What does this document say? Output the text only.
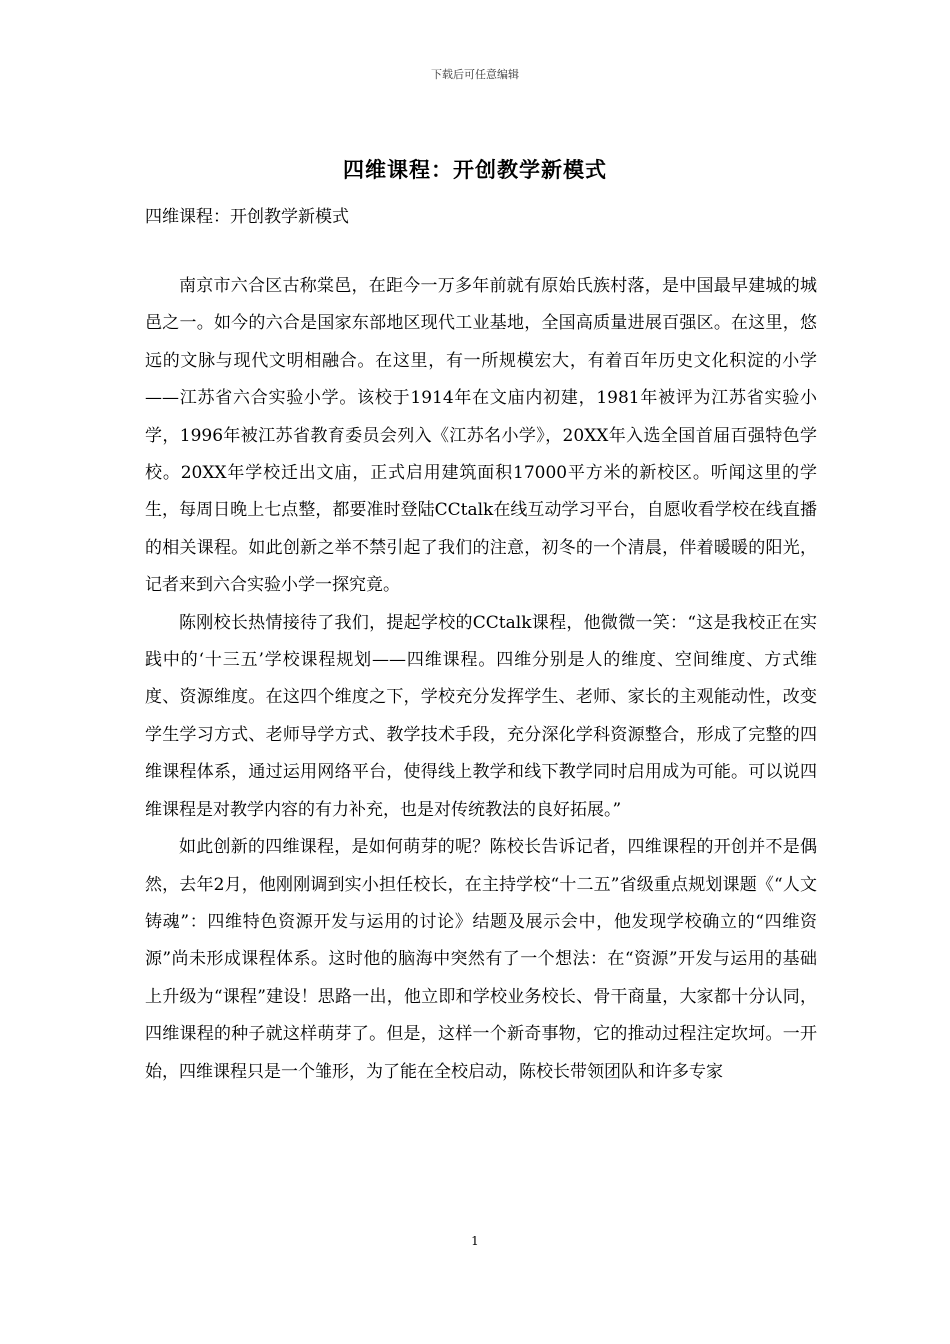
下载后可任意编辑
四维课程：开创教学新模式

四维课程：开创教学新模式

南京市六合区古称棠邑，在距今一万多年前就有原始氏族村落，是中国最早建城的城邑之一。如今的六合是国家东部地区现代工业基地，全国高质量进展百强区。在这里，悠远的文脉与现代文明相融合。在这里，有一所规模宏大，有着百年历史文化积淀的小学——江苏省六合实验小学。该校于1914年在文庙内初建，1981年被评为江苏省实验小学，1996年被江苏省教育委员会列入《江苏名小学》，20XX年入选全国首届百强特色学校。20XX年学校迁出文庙，正式启用建筑面积17000平方米的新校区。听闻这里的学生，每周日晚上七点整，都要准时登陆CCtalk在线互动学习平台，自愿收看学校在线直播的相关课程。如此创新之举不禁引起了我们的注意，初冬的一个清晨，伴着暖暖的阳光，记者来到六合实验小学一探究竟。

陈刚校长热情接待了我们，提起学校的CCtalk课程，他微微一笑：“这是我校正在实践中的‘十三五’学校课程规划——四维课程。四维分别是人的维度、空间维度、方式维度、资源维度。在这四个维度之下，学校充分发挥学生、老师、家长的主观能动性，改变学生学习方式、老师导学方式、教学技术手段，充分深化学科资源整合，形成了完整的四维课程体系，通过运用网络平台，使得线上教学和线下教学同时启用成为可能。可以说四维课程是对教学内容的有力补充，也是对传统教法的良好拓展。”

如此创新的四维课程，是如何萌芽的呢？陈校长告诉记者，四维课程的开创并不是偶然，去年2月，他刚刚调到实小担任校长，在主持学校“十二五”省级重点规划课题《“人文铸魂”：四维特色资源开发与运用的讨论》结题及展示会中，他发现学校确立的“四维资源”尚未形成课程体系。这时他的脑海中突然有了一个想法：在“资源”开发与运用的基础上升级为“课程”建设！思路一出，他立即和学校业务校长、骨干商量，大家都十分认同，四维课程的种子就这样萌芽了。但是，这样一个新奇事物，它的推动过程注定坎坷。一开始，四维课程只是一个雏形，为了能在全校启动，陈校长带领团队和许多专家

1
